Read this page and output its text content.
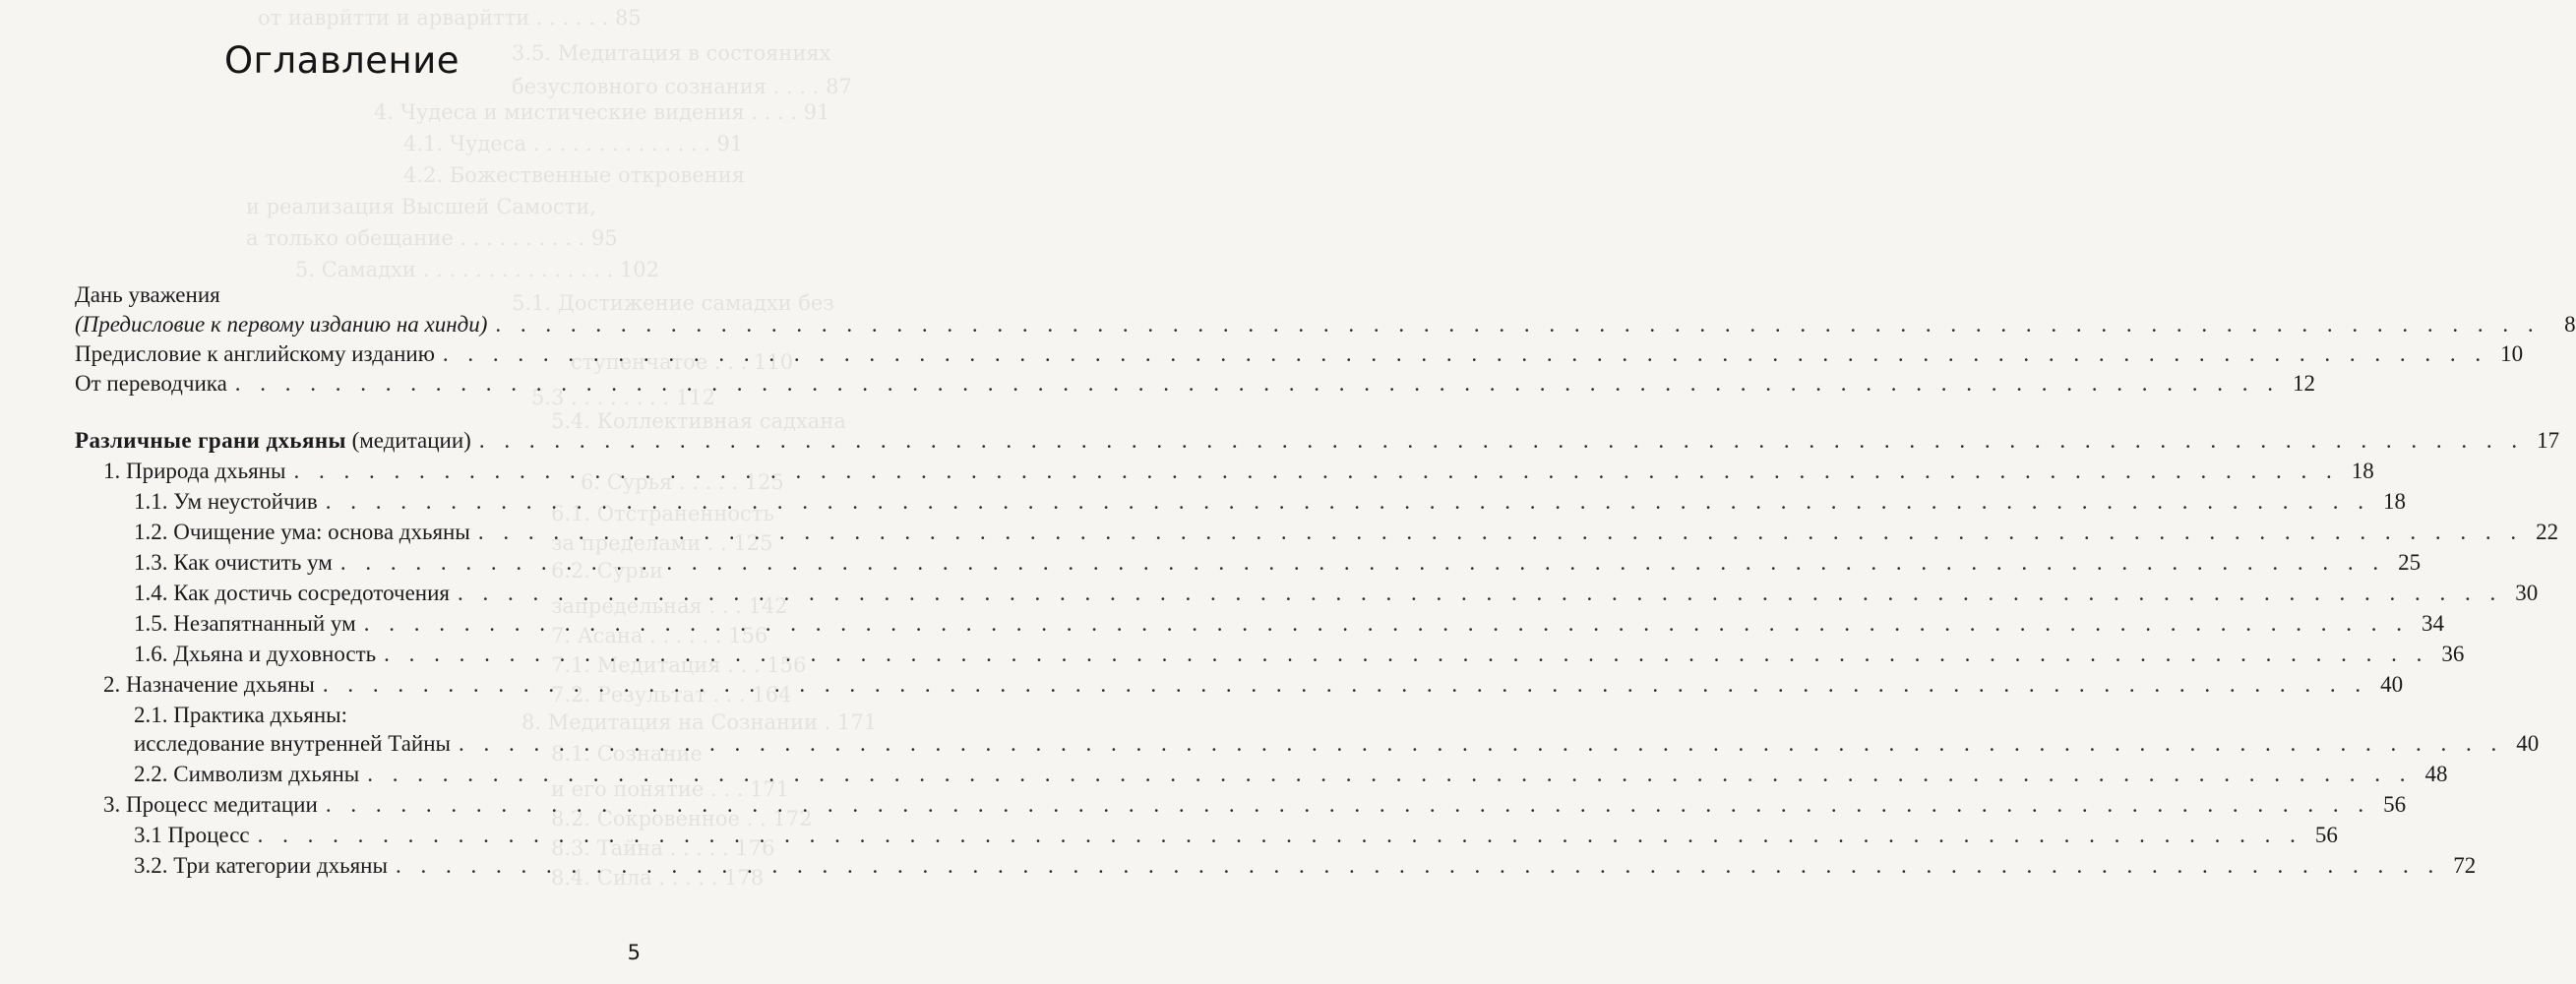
от иаврйтти и арварйтти . . . . . . 85
3.5. Медитация в состояниях
безусловного сознания . . . . 87
4. Чудеса и мистические видения . . . . 91
4.1. Чудеса . . . . . . . . . . . . . . 91
4.2. Божественные откровения
и реализация Высшей Самости,
а только обещание . . . . . . . . . . 95
5. Самадхи . . . . . . . . . . . . . . . 102
5.1. Достижение самадхи без
ступенчатое . . . 110
5.3 . . . . . . . . 112
5.4. Коллективная садхана
6. Сурья . . . . . 125
6.1. Отстраненность
за пределами . . 125
6.2. Сурьи
запредельная . . . 142
7. Асана . . . . . . 156
7.1. Медитация . . . 156
7.2. Результат . . . 164
8. Медитация на Сознании . 171
8.1. Сознание
и его понятие . . . 171
8.2. Сокровенное . . 172
8.3. Тайна . . . . . 176
8.4. Сила . . . . . 178
Оглавление
Дань уважения
(Предисловие к первому изданию на хинди) . . .	8
Предисловие к английскому изданию . . .	10
От переводчика . . .	12
Различные грани дхьяны (медитации) . . .	17
1. Природа дхьяны . . .	18
1.1. Ум неустойчив . . .	18
1.2. Очищение ума: основа дхьяны . . .	22
1.3. Как очистить ум . . .	25
1.4. Как достичь сосредоточения . . .	30
1.5. Незапятнанный ум . . .	34
1.6. Дхьяна и духовность . . .	36
2. Назначение дхьяны . . .	40
2.1. Практика дхьяны:
исследование внутренней Тайны . . .	40
2.2. Символизм дхьяны . . .	48
3. Процесс медитации . . .	56
3.1 Процесс . . .	56
3.2. Три категории дхьяны . . .	72
5
